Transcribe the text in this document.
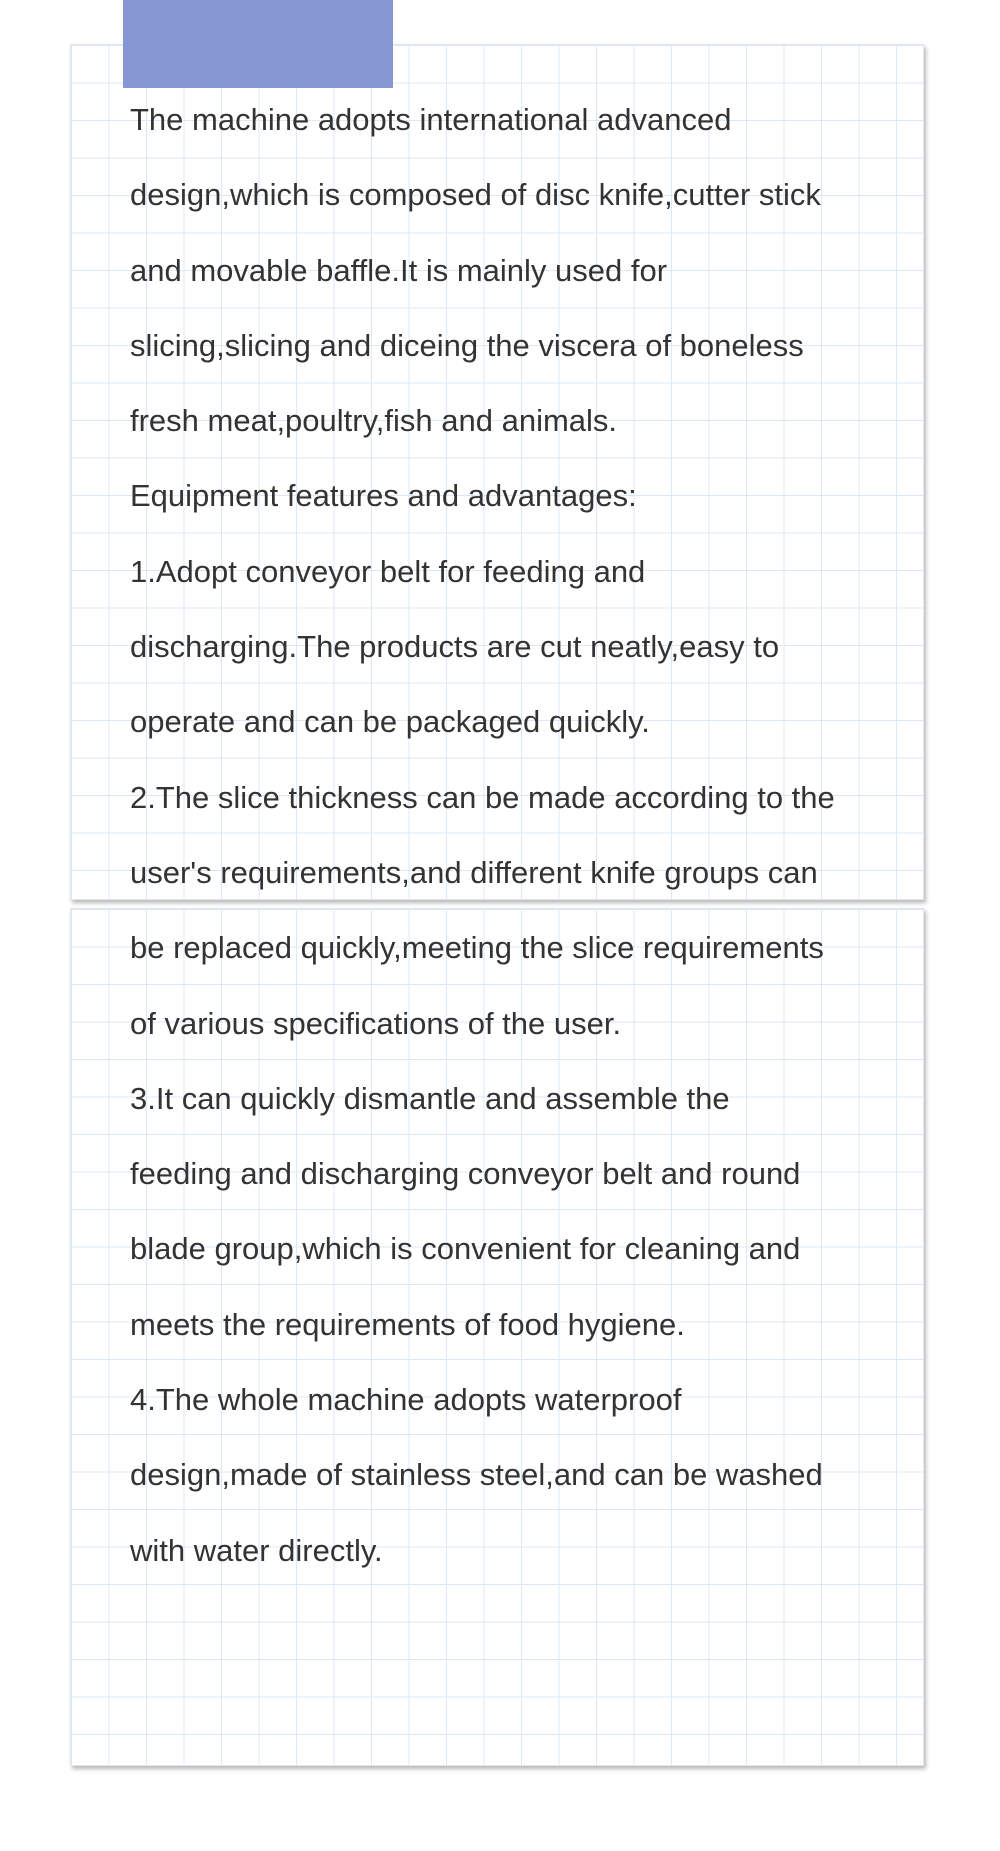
The machine adopts international advanced
design,which is composed of disc knife,cutter stick
and movable baffle.It is mainly used for
slicing,slicing and diceing the viscera of boneless
fresh meat,poultry,fish and animals.
Equipment features and advantages:
1.Adopt conveyor belt for feeding and
discharging.The products are cut neatly,easy to
operate and can be packaged quickly.
2.The slice thickness can be made according to the
user's requirements,and different knife groups can
be replaced quickly,meeting the slice requirements
of various specifications of the user.
3.It can quickly dismantle and assemble the
feeding and discharging conveyor belt and round
blade group,which is convenient for cleaning and
meets the requirements of food hygiene.
4.The whole machine adopts waterproof
design,made of stainless steel,and can be washed
with water directly.
